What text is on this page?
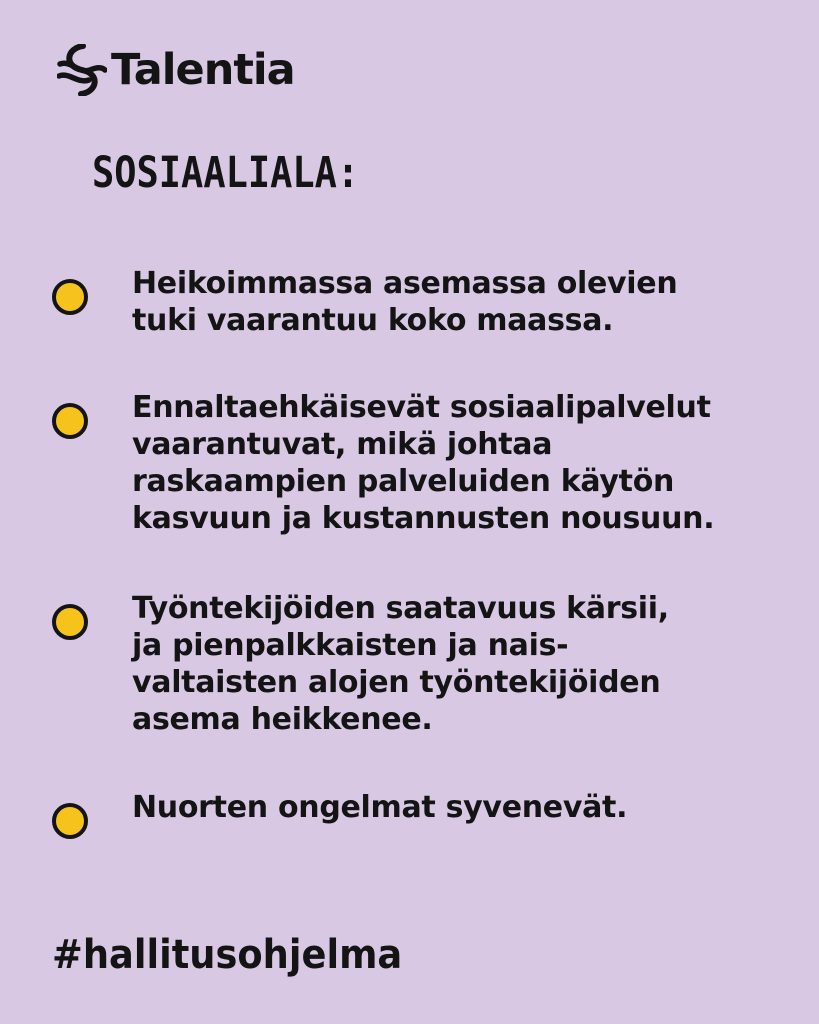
Talentia
SOSIAALIALA:
Heikoimmassa asemassa olevien
tuki vaarantuu koko maassa.
Ennaltaehkäisevät sosiaalipalvelut
vaarantuvat, mikä johtaa
raskaampien palveluiden käytön
kasvuun ja kustannusten nousuun.
Työntekijöiden saatavuus kärsii,
ja pienpalkkaisten ja nais-
valtaisten alojen työntekijöiden
asema heikkenee.
Nuorten ongelmat syvenevät.
#hallitusohjelma
